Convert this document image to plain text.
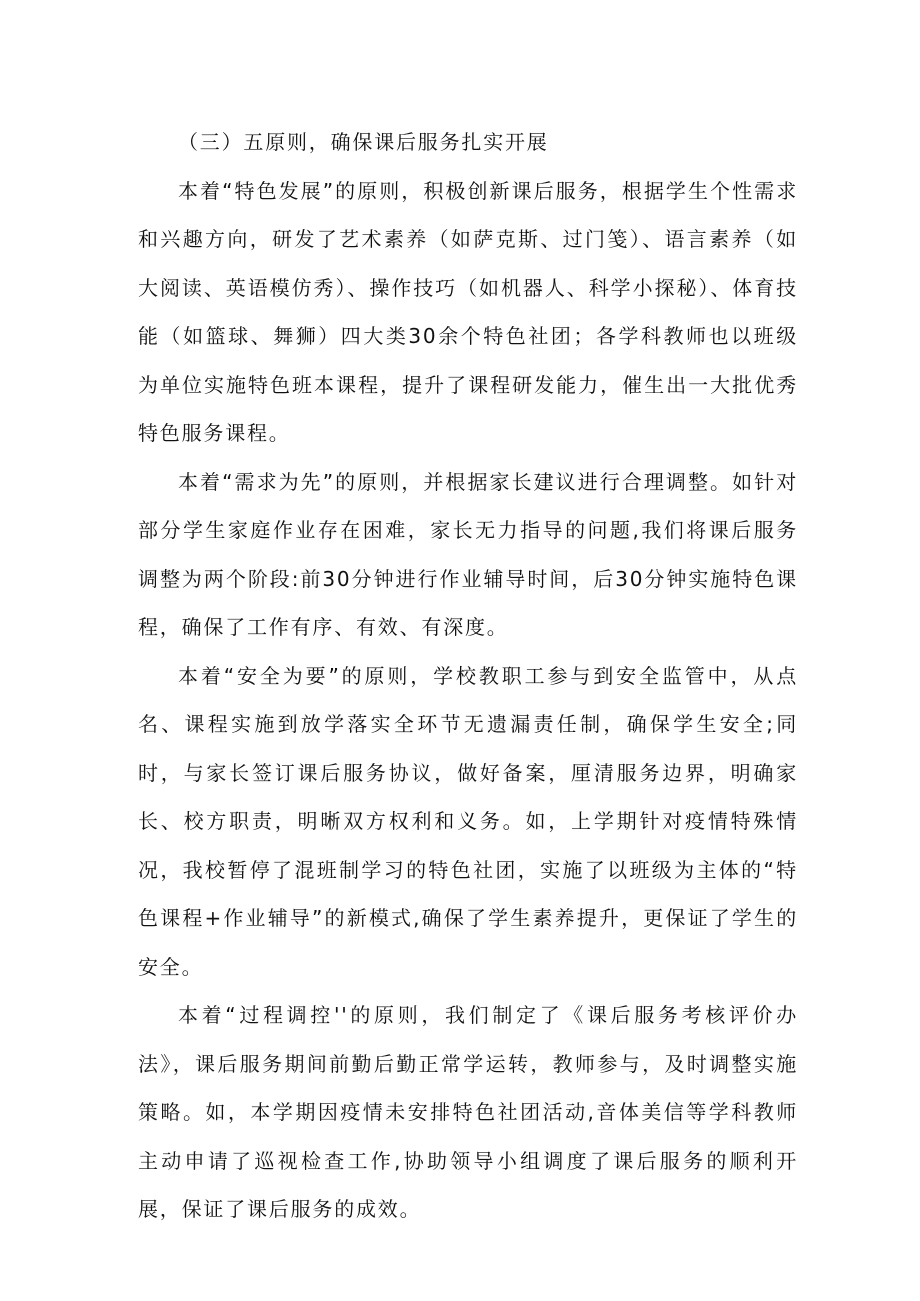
（三）五原则，确保课后服务扎实开展

本着“特色发展”的原则，积极创新课后服务，根据学生个性需求和兴趣方向，研发了艺术素养（如萨克斯、过门笺）、语言素养（如大阅读、英语模仿秀）、操作技巧（如机器人、科学小探秘）、体育技能（如篮球、舞狮）四大类30余个特色社团；各学科教师也以班级为单位实施特色班本课程，提升了课程研发能力，催生出一大批优秀特色服务课程。

本着“需求为先”的原则，并根据家长建议进行合理调整。如针对部分学生家庭作业存在困难，家长无力指导的问题,我们将课后服务调整为两个阶段:前30分钟进行作业辅导时间，后30分钟实施特色课程，确保了工作有序、有效、有深度。

本着“安全为要”的原则，学校教职工参与到安全监管中，从点名、课程实施到放学落实全环节无遗漏责任制，确保学生安全;同时，与家长签订课后服务协议，做好备案，厘清服务边界，明确家长、校方职责，明晰双方权利和义务。如，上学期针对疫情特殊情况，我校暂停了混班制学习的特色社团，实施了以班级为主体的“特色课程+作业辅导”的新模式,确保了学生素养提升，更保证了学生的安全。

本着“过程调控''的原则，我们制定了《课后服务考核评价办法》，课后服务期间前勤后勤正常学运转，教师参与，及时调整实施策略。如，本学期因疫情未安排特色社团活动,音体美信等学科教师主动申请了巡视检查工作,协助领导小组调度了课后服务的顺利开展，保证了课后服务的成效。
